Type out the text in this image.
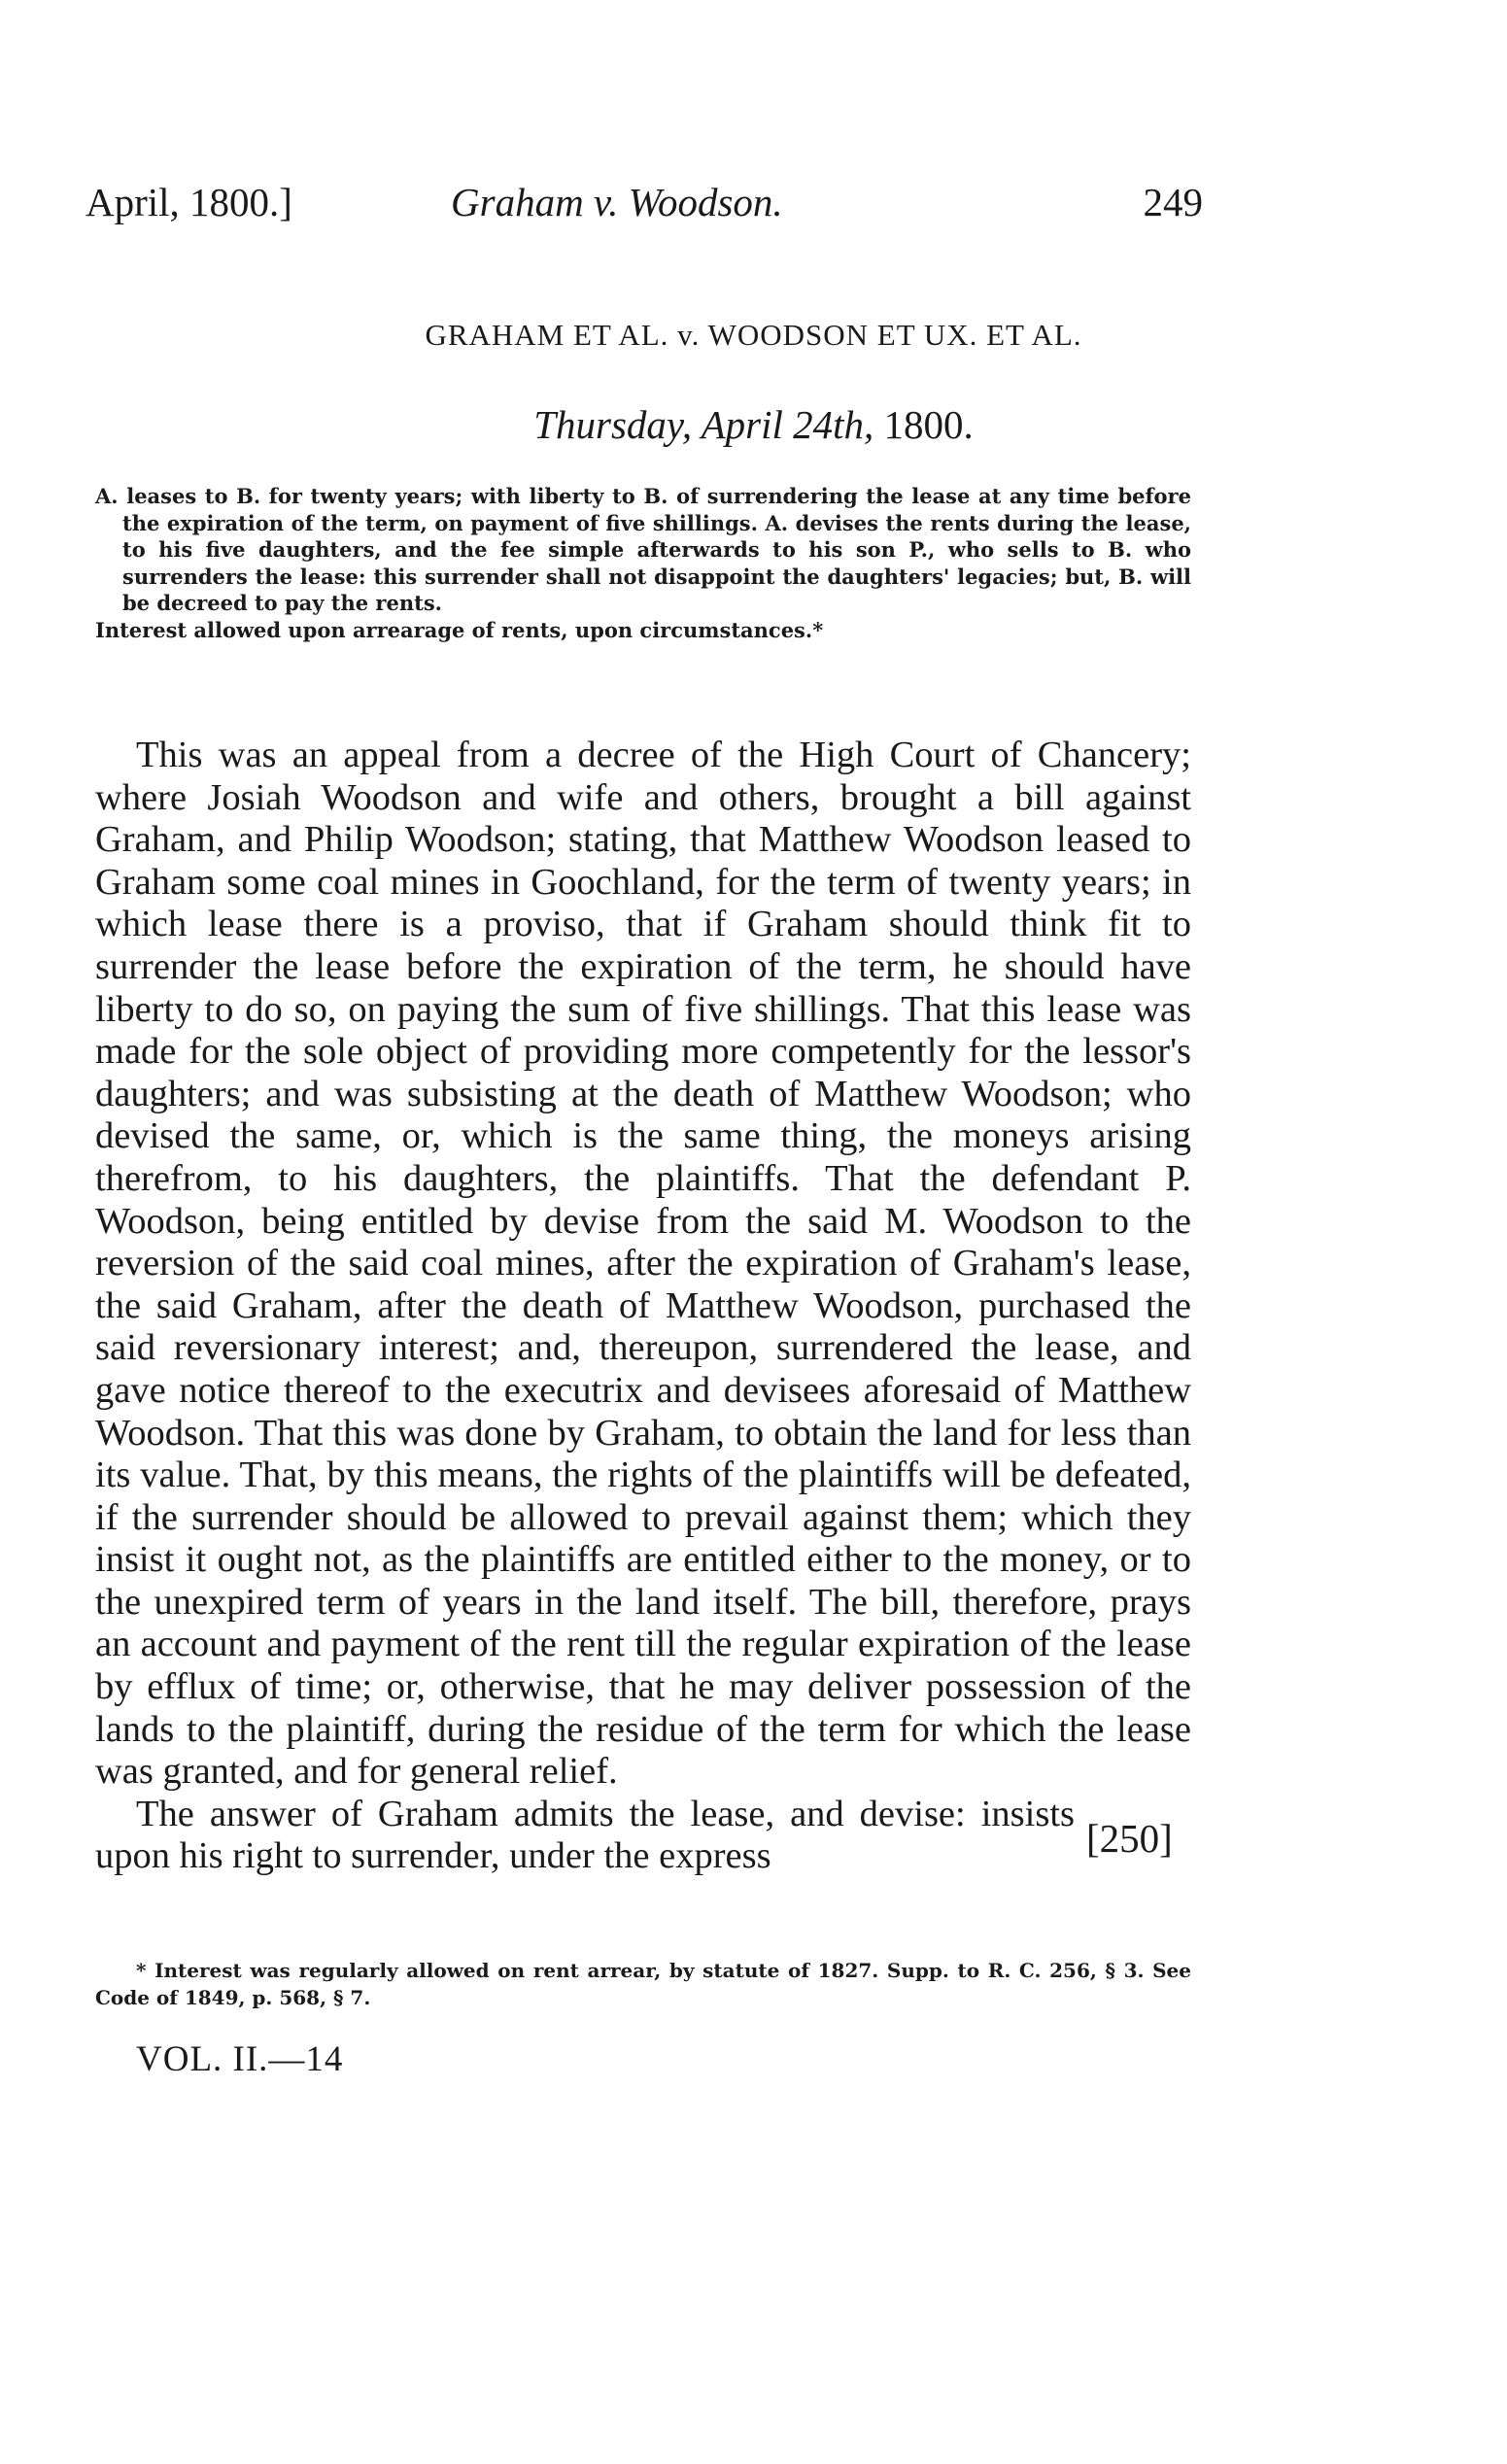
April, 1800.]	Graham v. Woodson.	249
GRAHAM ET AL. v. WOODSON ET UX. ET AL.
Thursday, April 24th, 1800.

A. leases to B. for twenty years; with liberty to B. of surrendering the lease at any time before the expiration of the term, on payment of five shillings. A. devises the rents during the lease, to his five daughters, and the fee simple afterwards to his son P., who sells to B. who surrenders the lease: this surrender shall not disappoint the daughters' legacies; but, B. will be decreed to pay the rents.

Interest allowed upon arrearage of rents, upon circumstances.*

This was an appeal from a decree of the High Court of Chancery; where Josiah Woodson and wife and others, brought a bill against Graham, and Philip Woodson; stating, that Matthew Woodson leased to Graham some coal mines in Goochland, for the term of twenty years; in which lease there is a proviso, that if Graham should think fit to surrender the lease before the expiration of the term, he should have liberty to do so, on paying the sum of five shillings. That this lease was made for the sole object of providing more competently for the lessor's daughters; and was subsisting at the death of Matthew Woodson; who devised the same, or, which is the same thing, the moneys arising therefrom, to his daughters, the plaintiffs. That the defendant P. Woodson, being entitled by devise from the said M. Woodson to the reversion of the said coal mines, after the expiration of Graham's lease, the said Graham, after the death of Matthew Woodson, purchased the said reversionary interest; and, thereupon, surrendered the lease, and gave notice thereof to the executrix and devisees aforesaid of Matthew Woodson. That this was done by Graham, to obtain the land for less than its value. That, by this means, the rights of the plaintiffs will be defeated, if the surrender should be allowed to prevail against them; which they insist it ought not, as the plaintiffs are entitled either to the money, or to the unexpired term of years in the land itself. The bill, therefore, prays an account and payment of the rent till the regular expiration of the lease by efflux of time; or, otherwise, that he may deliver possession of the lands to the plaintiff, during the residue of the term for which the lease was granted, and for general relief.

The answer of Graham admits the lease, and devise: insists upon his right to surrender, under the express	[250]
* Interest was regularly allowed on rent arrear, by statute of 1827. Supp. to R. C. 256, § 3. See Code of 1849, p. 568, § 7.
VOL. II.—14
